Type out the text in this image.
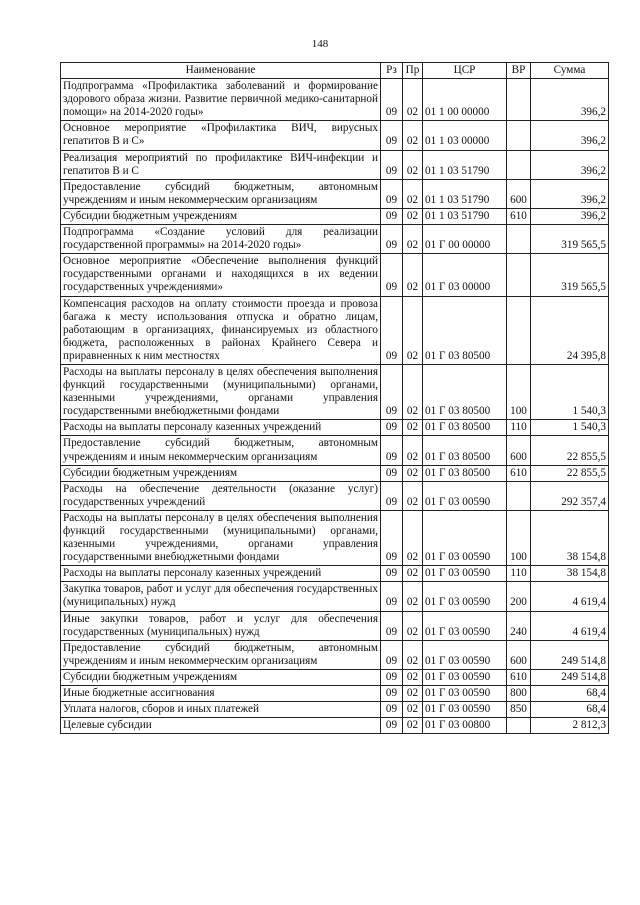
148
Наименование	Рз	Пр	ЦСР	ВР	Сумма
Подпрограмма «Профилактика заболеваний и формирование здорового образа жизни. Развитие первичной медико-санитарной помощи» на 2014-2020 годы»	09	02	01 1 00 00000		396,2
Основное мероприятие «Профилактика ВИЧ, вирусных гепатитов В и С»	09	02	01 1 03 00000		396,2
Реализация мероприятий по профилактике ВИЧ-инфекции и гепатитов В и С	09	02	01 1 03 51790		396,2
Предоставление субсидий бюджетным, автономным учреждениям и иным некоммерческим организациям	09	02	01 1 03 51790	600	396,2
Субсидии бюджетным учреждениям	09	02	01 1 03 51790	610	396,2
Подпрограмма «Создание условий для реализации государственной программы» на 2014-2020 годы»	09	02	01 Г 00 00000		319 565,5
Основное мероприятие «Обеспечение выполнения функций государственными органами и находящихся в их ведении государственных учреждениями»	09	02	01 Г 03 00000		319 565,5
Компенсация расходов на оплату стоимости проезда и провоза багажа к месту использования отпуска и обратно лицам, работающим в организациях, финансируемых из областного бюджета, расположенных в районах Крайнего Севера и приравненных к ним местностях	09	02	01 Г 03 80500		24 395,8
Расходы на выплаты персоналу в целях обеспечения выполнения функций государственными (муниципальными) органами, казенными учреждениями, органами управления государственными внебюджетными фондами	09	02	01 Г 03 80500	100	1 540,3
Расходы на выплаты персоналу казенных учреждений	09	02	01 Г 03 80500	110	1 540,3
Предоставление субсидий бюджетным, автономным учреждениям и иным некоммерческим организациям	09	02	01 Г 03 80500	600	22 855,5
Субсидии бюджетным учреждениям	09	02	01 Г 03 80500	610	22 855,5
Расходы на обеспечение деятельности (оказание услуг) государственных учреждений	09	02	01 Г 03 00590		292 357,4
Расходы на выплаты персоналу в целях обеспечения выполнения функций государственными (муниципальными) органами, казенными учреждениями, органами управления государственными внебюджетными фондами	09	02	01 Г 03 00590	100	38 154,8
Расходы на выплаты персоналу казенных учреждений	09	02	01 Г 03 00590	110	38 154,8
Закупка товаров, работ и услуг для обеспечения государственных (муниципальных) нужд	09	02	01 Г 03 00590	200	4 619,4
Иные закупки товаров, работ и услуг для обеспечения государственных (муниципальных) нужд	09	02	01 Г 03 00590	240	4 619,4
Предоставление субсидий бюджетным, автономным учреждениям и иным некоммерческим организациям	09	02	01 Г 03 00590	600	249 514,8
Субсидии бюджетным учреждениям	09	02	01 Г 03 00590	610	249 514,8
Иные бюджетные ассигнования	09	02	01 Г 03 00590	800	68,4
Уплата налогов, сборов и иных платежей	09	02	01 Г 03 00590	850	68,4
Целевые субсидии	09	02	01 Г 03 00800		2 812,3
